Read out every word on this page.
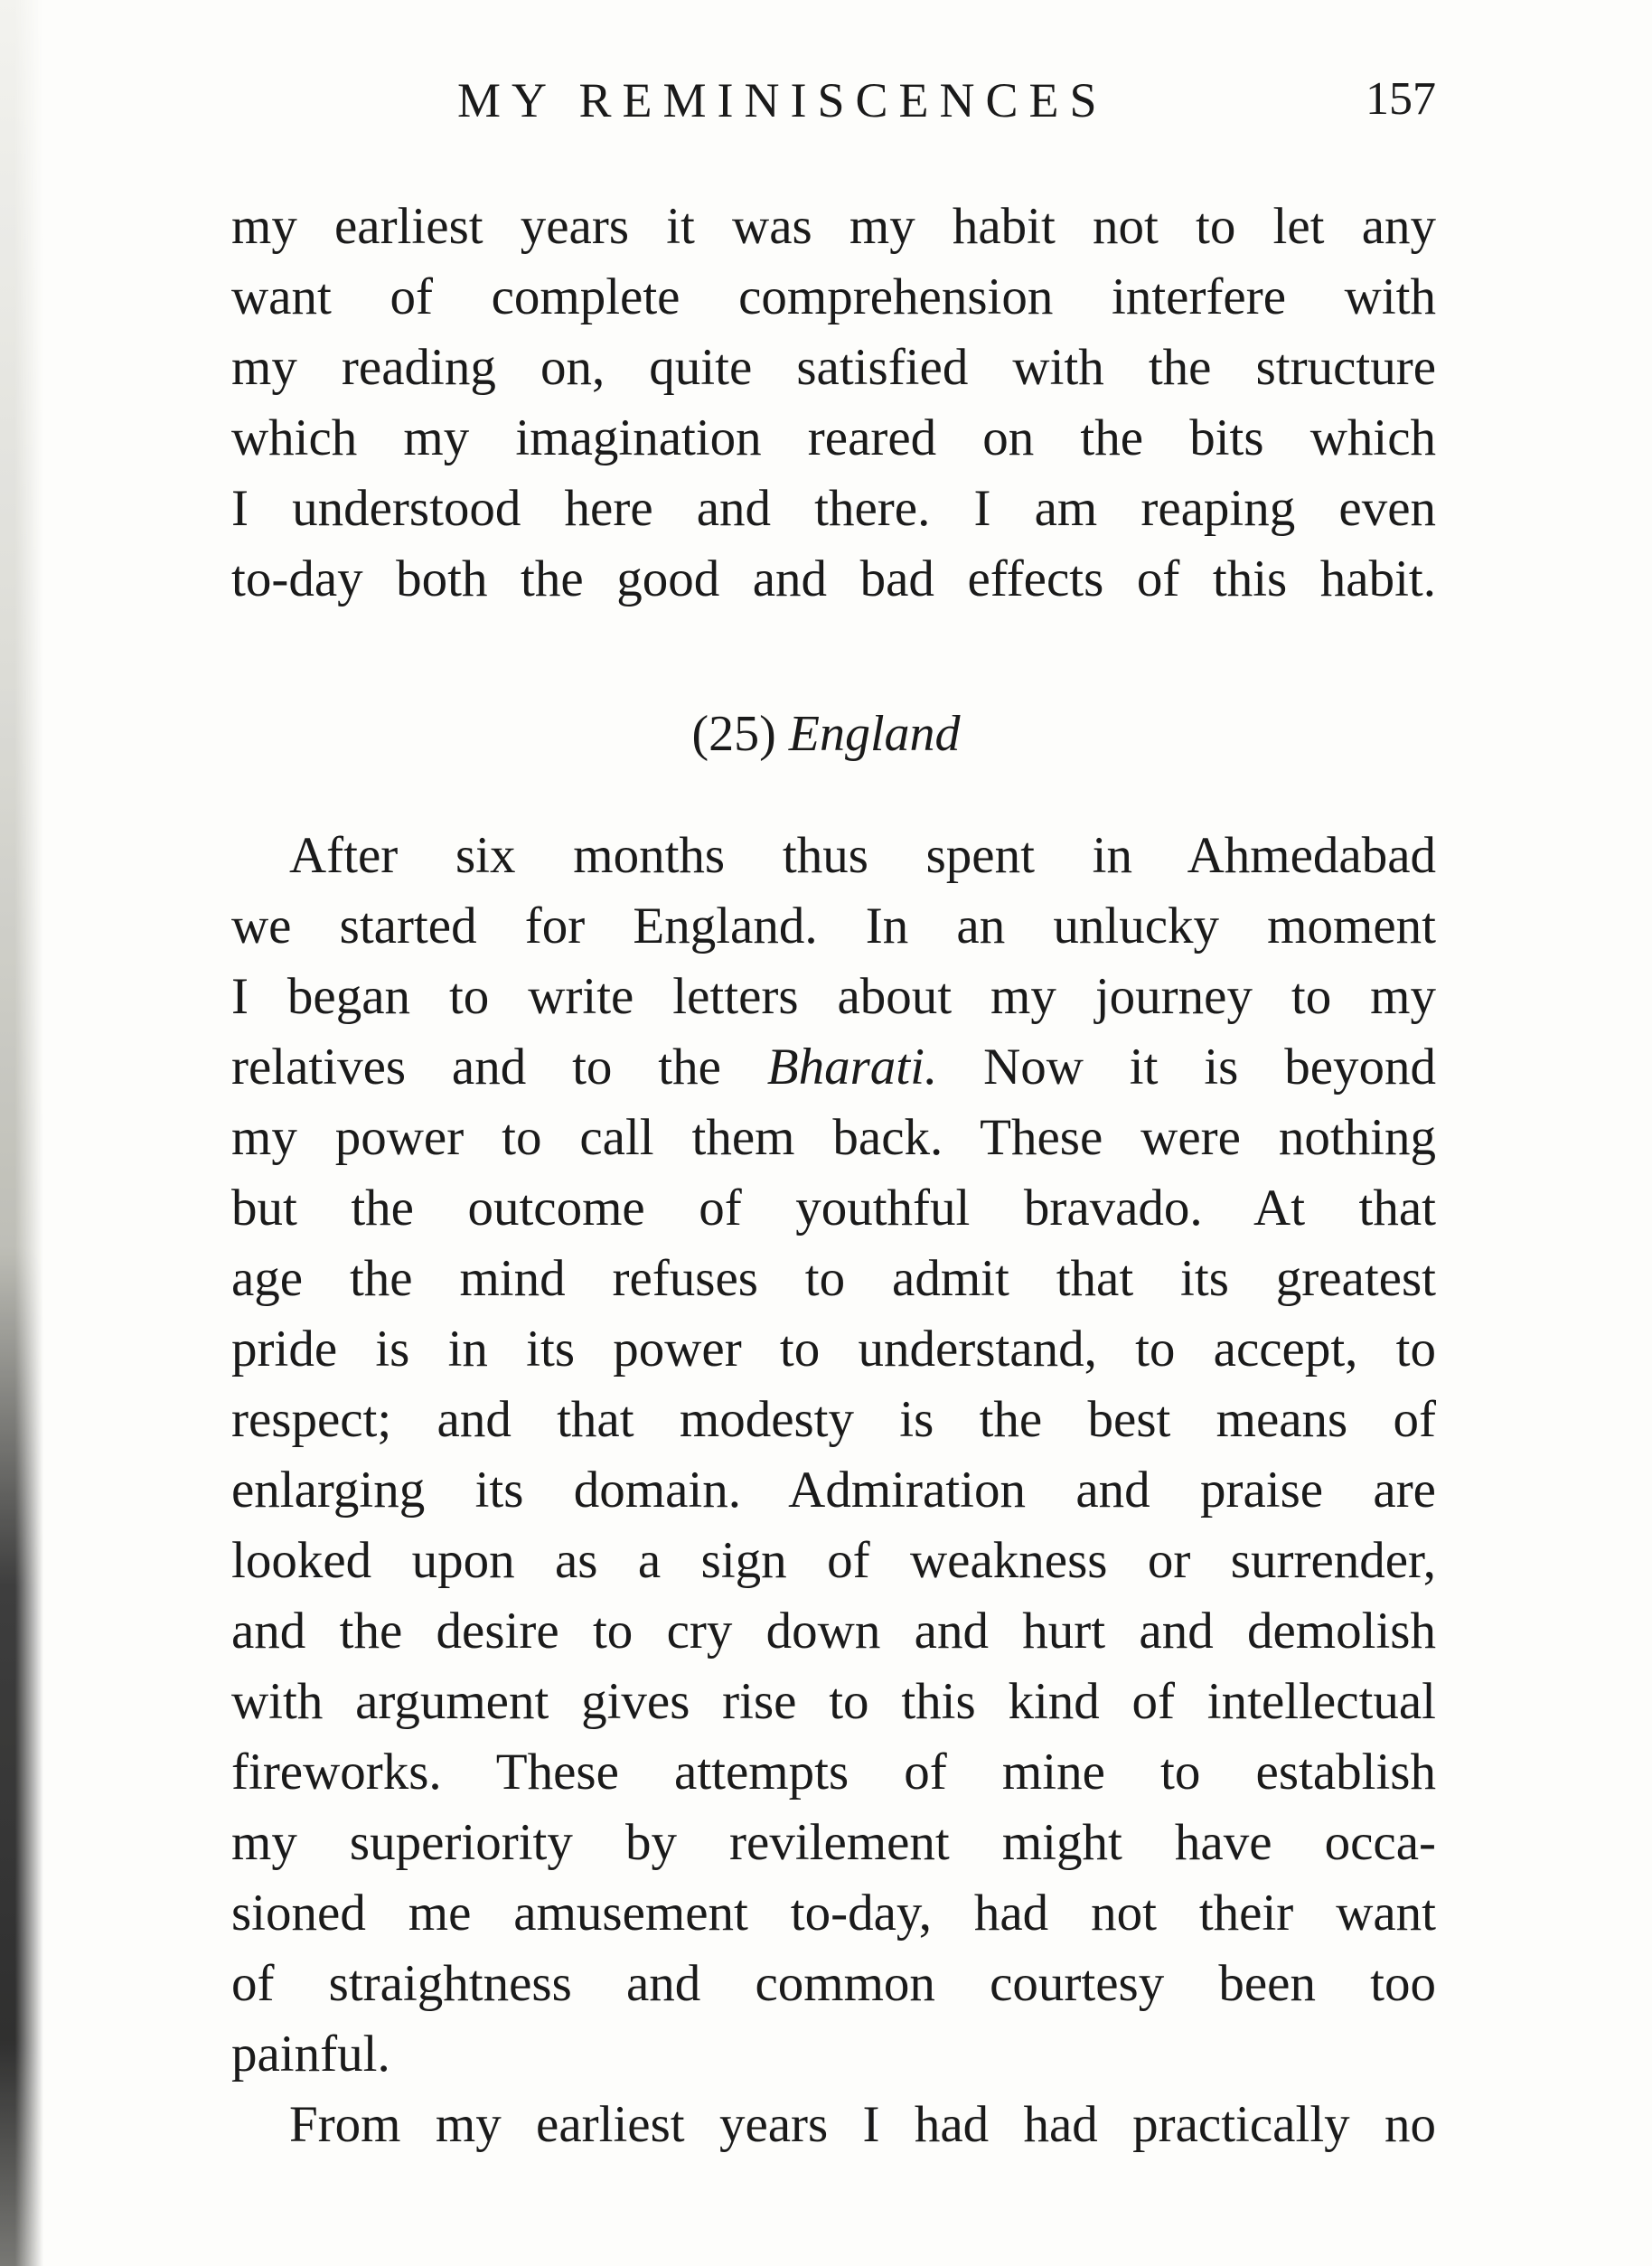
MY REMINISCENCES	157
my earliest years it was my habit not to let any
want of complete comprehension interfere with
my reading on, quite satisfied with the structure
which my imagination reared on the bits which
I understood here and there. I am reaping even
to-day both the good and bad effects of this habit.
(25) England
After six months thus spent in Ahmedabad
we started for England. In an unlucky moment
I began to write letters about my journey to my
relatives and to the Bharati. Now it is beyond
my power to call them back. These were nothing
but the outcome of youthful bravado. At that
age the mind refuses to admit that its greatest
pride is in its power to understand, to accept, to
respect; and that modesty is the best means of
enlarging its domain. Admiration and praise are
looked upon as a sign of weakness or surrender,
and the desire to cry down and hurt and demolish
with argument gives rise to this kind of intellectual
fireworks. These attempts of mine to establish
my superiority by revilement might have occa-
sioned me amusement to-day, had not their want
of straightness and common courtesy been too
painful.
From my earliest years I had had practically no
